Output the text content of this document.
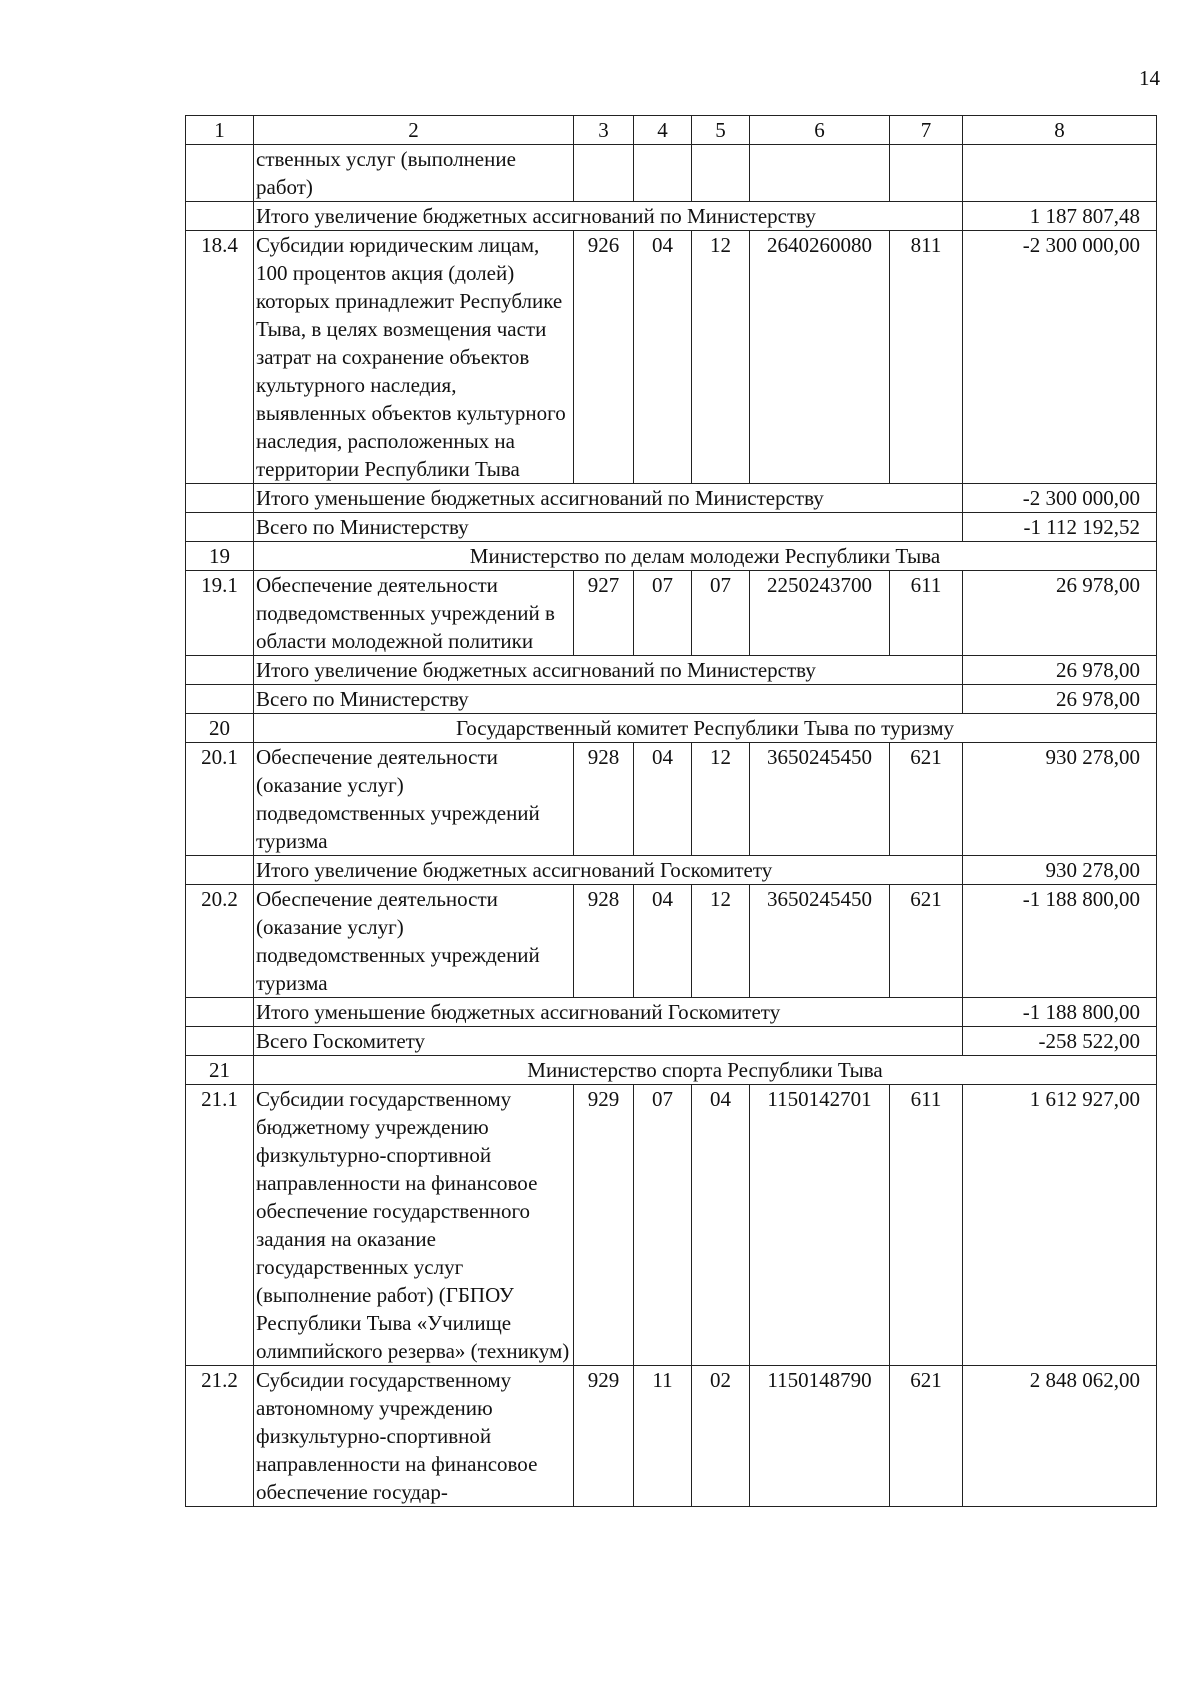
14
1	2	3	4	5	6	7	8
	ственных услуг (выполнение работ)						
	Итого увеличение бюджетных ассигнований по Министерству						1 187 807,48
18.4	Субсидии юридическим лицам, 100 процентов акция (долей) которых принадлежит Республике Тыва, в целях возмещения части затрат на сохранение объектов культурного наследия, выявленных объектов культурного наследия, расположенных на территории Республики Тыва	926	04	12	2640260080	811	-2 300 000,00
	Итого уменьшение бюджетных ассигнований по Министерству						-2 300 000,00
	Всего по Министерству						-1 112 192,52
19	Министерство по делам молодежи Республики Тыва						
19.1	Обеспечение деятельности подведомственных учреждений в области молодежной политики	927	07	07	2250243700	611	26 978,00
	Итого увеличение бюджетных ассигнований по Министерству						26 978,00
	Всего по Министерству						26 978,00
20	Государственный комитет Республики Тыва по туризму						
20.1	Обеспечение деятельности (оказание услуг) подведомственных учреждений туризма	928	04	12	3650245450	621	930 278,00
	Итого увеличение бюджетных ассигнований Госкомитету						930 278,00
20.2	Обеспечение деятельности (оказание услуг) подведомственных учреждений туризма	928	04	12	3650245450	621	-1 188 800,00
	Итого уменьшение бюджетных ассигнований Госкомитету						-1 188 800,00
	Всего Госкомитету						-258 522,00
21	Министерство спорта Республики Тыва						
21.1	Субсидии государственному бюджетному учреждению физкультурно-спортивной направленности на финансовое обеспечение государственного задания на оказание государственных услуг (выполнение работ) (ГБПОУ Республики Тыва «Училище олимпийского резерва» (техникум)	929	07	04	1150142701	611	1 612 927,00
21.2	Субсидии государственному автономному учреждению физкультурно-спортивной направленности на финансовое обеспечение государ-	929	11	02	1150148790	621	2 848 062,00
